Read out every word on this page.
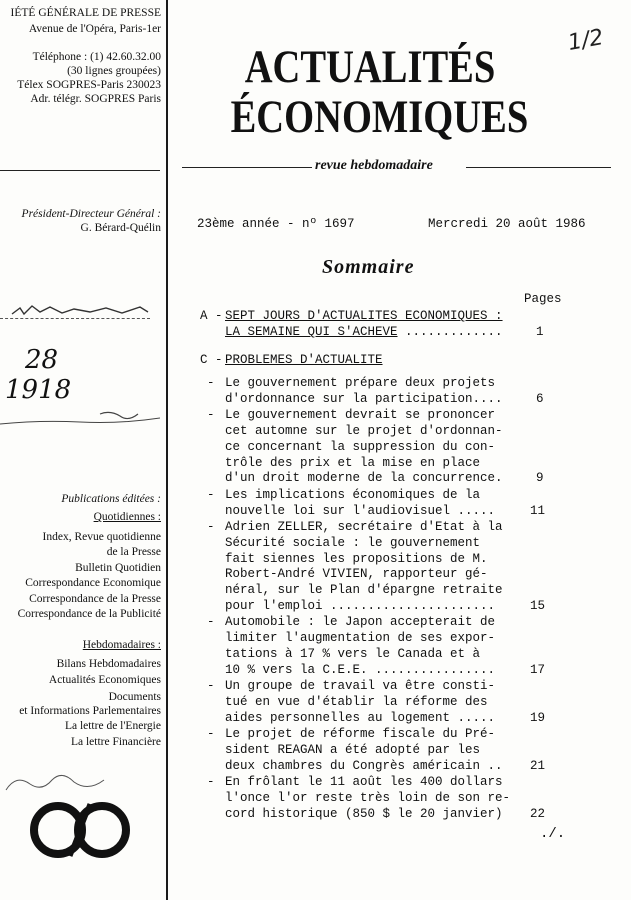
IÉTÉ GÉNÉRALE DE PRESSE
Avenue de l'Opéra, Paris-1er
Téléphone : (1) 42.60.32.00
(30 lignes groupées)
Télex SOGPRES-Paris 230023
Adr. télégr. SOGPRES Paris
Président-Directeur Général :
G. Bérard-Quélin
28
1918
Publications éditées :
Quotidiennes :
Index, Revue quotidienne
de la Presse
Bulletin Quotidien
Correspondance Economique
Correspondance de la Presse
Correspondance de la Publicité
Hebdomadaires :
Bilans Hebdomadaires
Actualités Economiques
Documents
et Informations Parlementaires
La lettre de l'Energie
La lettre Financière
ACTUALITÉS
ÉCONOMIQUES
1/2
revue hebdomadaire
23ème année - nº 1697	Mercredi 20 août 1986
Sommaire
Pages
A - SEPT JOURS D'ACTUALITES ECONOMIQUES :
LA SEMAINE QUI S'ACHEVE .............	1
C - PROBLEMES D'ACTUALITE
- Le gouvernement prépare deux projets
d'ordonnance sur la participation....	6
- Le gouvernement devrait se prononcer
cet automne sur le projet d'ordonnan-
ce concernant la suppression du con-
trôle des prix et la mise en place
d'un droit moderne de la concurrence.	9
- Les implications économiques de la
nouvelle loi sur l'audiovisuel .....	11
- Adrien ZELLER, secrétaire d'Etat à la
Sécurité sociale : le gouvernement
fait siennes les propositions de M.
Robert-André VIVIEN, rapporteur gé-
néral, sur le Plan d'épargne retraite
pour l'emploi ......................	15
- Automobile : le Japon accepterait de
limiter l'augmentation de ses expor-
tations à 17 % vers le Canada et à
10 % vers la C.E.E. ................	17
- Un groupe de travail va être consti-
tué en vue d'établir la réforme des
aides personnelles au logement .....	19
- Le projet de réforme fiscale du Pré-
sident REAGAN a été adopté par les
deux chambres du Congrès américain .. 21
- En frôlant le 11 août les 400 dollars
l'once l'or reste très loin de son re-
cord historique (850 $ le 20 janvier) 22
./.
